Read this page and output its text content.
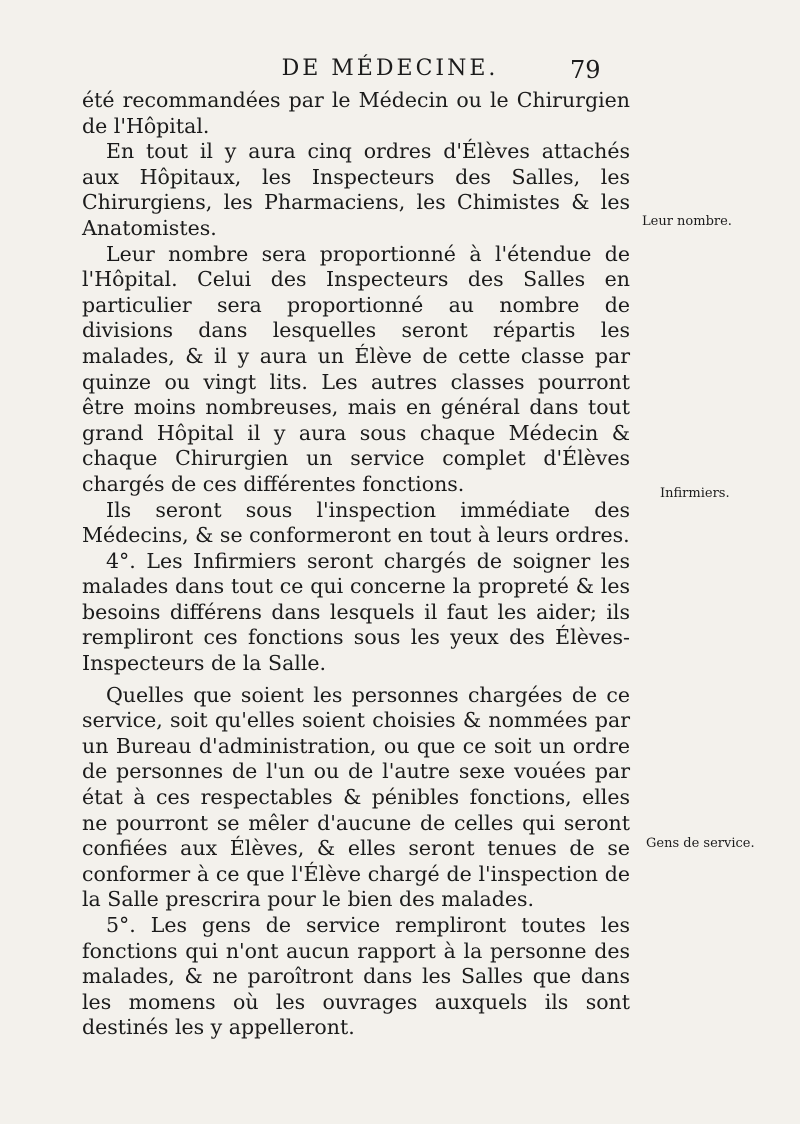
DE MÉDECINE.	79

été recommandées par le Médecin ou le Chirurgien de l'Hôpital.

En tout il y aura cinq ordres d'Élèves attachés aux Hôpitaux, les Inspecteurs des Salles, les Chirurgiens, les Pharmaciens, les Chimistes & les Anatomistes.

Leur nombre sera proportionné à l'étendue de l'Hôpital. Celui des Inspecteurs des Salles en particulier sera proportionné au nombre de divisions dans lesquelles seront répartis les malades, & il y aura un Élève de cette classe par quinze ou vingt lits. Les autres classes pourront être moins nombreuses, mais en général dans tout grand Hôpital il y aura sous chaque Médecin & chaque Chirurgien un service complet d'Élèves chargés de ces différentes fonctions.

Ils seront sous l'inspection immédiate des Médecins, & se conformeront en tout à leurs ordres.

4°. Les Infirmiers seront chargés de soigner les malades dans tout ce qui concerne la propreté & les besoins différens dans lesquels il faut les aider; ils rempliront ces fonctions sous les yeux des Élèves-Inspecteurs de la Salle.

Quelles que soient les personnes chargées de ce service, soit qu'elles soient choisies & nommées par un Bureau d'administration, ou que ce soit un ordre de personnes de l'un ou de l'autre sexe vouées par état à ces respectables & pénibles fonctions, elles ne pourront se mêler d'aucune de celles qui seront confiées aux Élèves, & elles seront tenues de se conformer à ce que l'Élève chargé de l'inspection de la Salle prescrira pour le bien des malades.

5°. Les gens de service rempliront toutes les fonctions qui n'ont aucun rapport à la personne des malades, & ne paroîtront dans les Salles que dans les momens où les ouvrages auxquels ils sont destinés les y appelleront.

Leur nombre.
Infirmiers.
Gens de service.
